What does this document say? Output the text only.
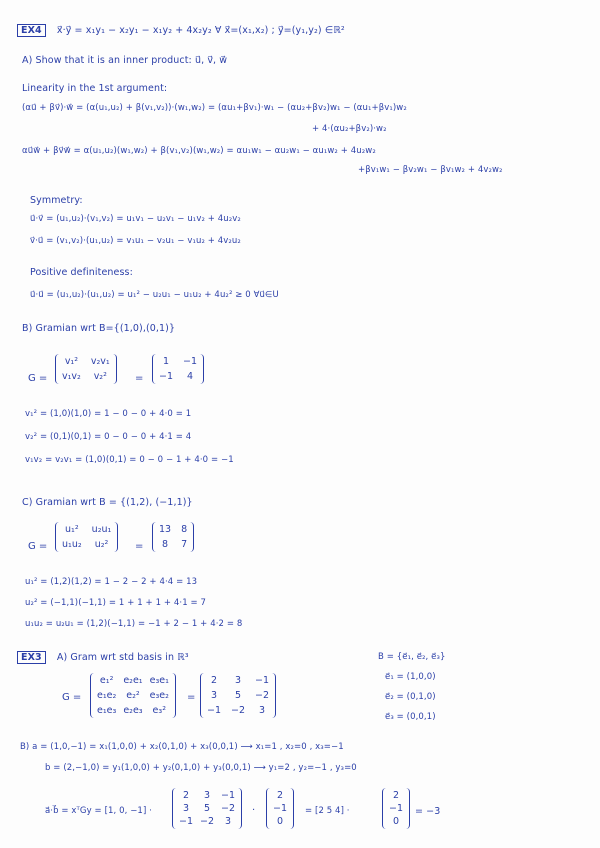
EX4 x⃗·y⃗ = x₁y₁ − x₂y₁ − x₁y₂ + 4x₂y₂ ∀ x⃗=(x₁,x₂) ; y⃗=(y₁,y₂) ∈ℝ²
A) Show that it is an inner product: u⃗, v⃗, w⃗
Linearity in the 1st argument:
(αu⃗ + βv⃗)·w⃗ = (α(u₁,u₂) + β(v₁,v₂))·(w₁,w₂) = (αu₁+βv₁)·w₁ − (αu₂+βv₂)w₁ − (αu₁+βv₁)w₂
+ 4·(αu₂+βv₂)·w₂
αu⃗w⃗ + βv⃗w⃗ = α(u₁,u₂)(w₁,w₂) + β(v₁,v₂)(w₁,w₂) = αu₁w₁ − αu₂w₁ − αu₁w₂ + 4u₂w₂
+βv₁w₁ − βv₂w₁ − βv₁w₂ + 4v₂w₂
Symmetry:
u⃗·v⃗ = (u₁,u₂)·(v₁,v₂) = u₁v₁ − u₂v₁ − u₁v₂ + 4u₂v₂
v⃗·u⃗ = (v₁,v₂)·(u₁,u₂) = v₁u₁ − v₂u₁ − v₁u₂ + 4v₂u₂
Positive definiteness:
u⃗·u⃗ = (u₁,u₂)·(u₁,u₂) = u₁² − u₂u₁ − u₁u₂ + 4u₂² ≥ 0 ∀u⃗∈U
B) Gramian wrt B={(1,0),(0,1)}
G =
v₁² v₂v₁
v₁v₂ v₂²	=
1	−1
−1	4
v₁² = (1,0)(1,0) = 1 − 0 − 0 + 4·0 = 1
v₂² = (0,1)(0,1) = 0 − 0 − 0 + 4·1 = 4
v₁v₂ = v₂v₁ = (1,0)(0,1) = 0 − 0 − 1 + 4·0 = −1
C) Gramian wrt B = {(1,2), (−1,1)}
G =
u₁²	u₂u₁
u₁u₂	u₂²	=
13 8
8	7
u₁² = (1,2)(1,2) = 1 − 2 − 2 + 4·4 = 13
u₂² = (−1,1)(−1,1) = 1 + 1 + 1 + 4·1 = 7
u₁u₂ = u₂u₁ = (1,2)(−1,1) = −1 + 2 − 1 + 4·2 = 8
EX3 A) Gram wrt std basis in ℝ³	B = {e⃗₁, e⃗₂, e⃗₃}
e⃗₁ = (1,0,0)
e⃗₂ = (0,1,0)
e⃗₃ = (0,0,1)
G =
e₁²	e₂e₁ e₃e₁
e₁e₂	e₂²	e₃e₂
e₁e₃ e₂e₃	e₃²
=
2	3	−1
3	5	−2
−1 −2	3
B) a = (1,0,−1) = x₁(1,0,0) + x₂(0,1,0) + x₃(0,0,1) ⟶ x₁=1 , x₂=0 , x₃=−1
b = (2,−1,0) = y₁(1,0,0) + y₂(0,1,0) + y₃(0,0,1) ⟶ y₁=2 , y₂=−1 , y₃=0
a⃗·b⃗ = xᵀGy = [1, 0, −1] ·
2	3	−1
3	5	−2
−1 −2	3
·
2
−1
0
= [2 5 4] ·
2
−1
0
= −3
